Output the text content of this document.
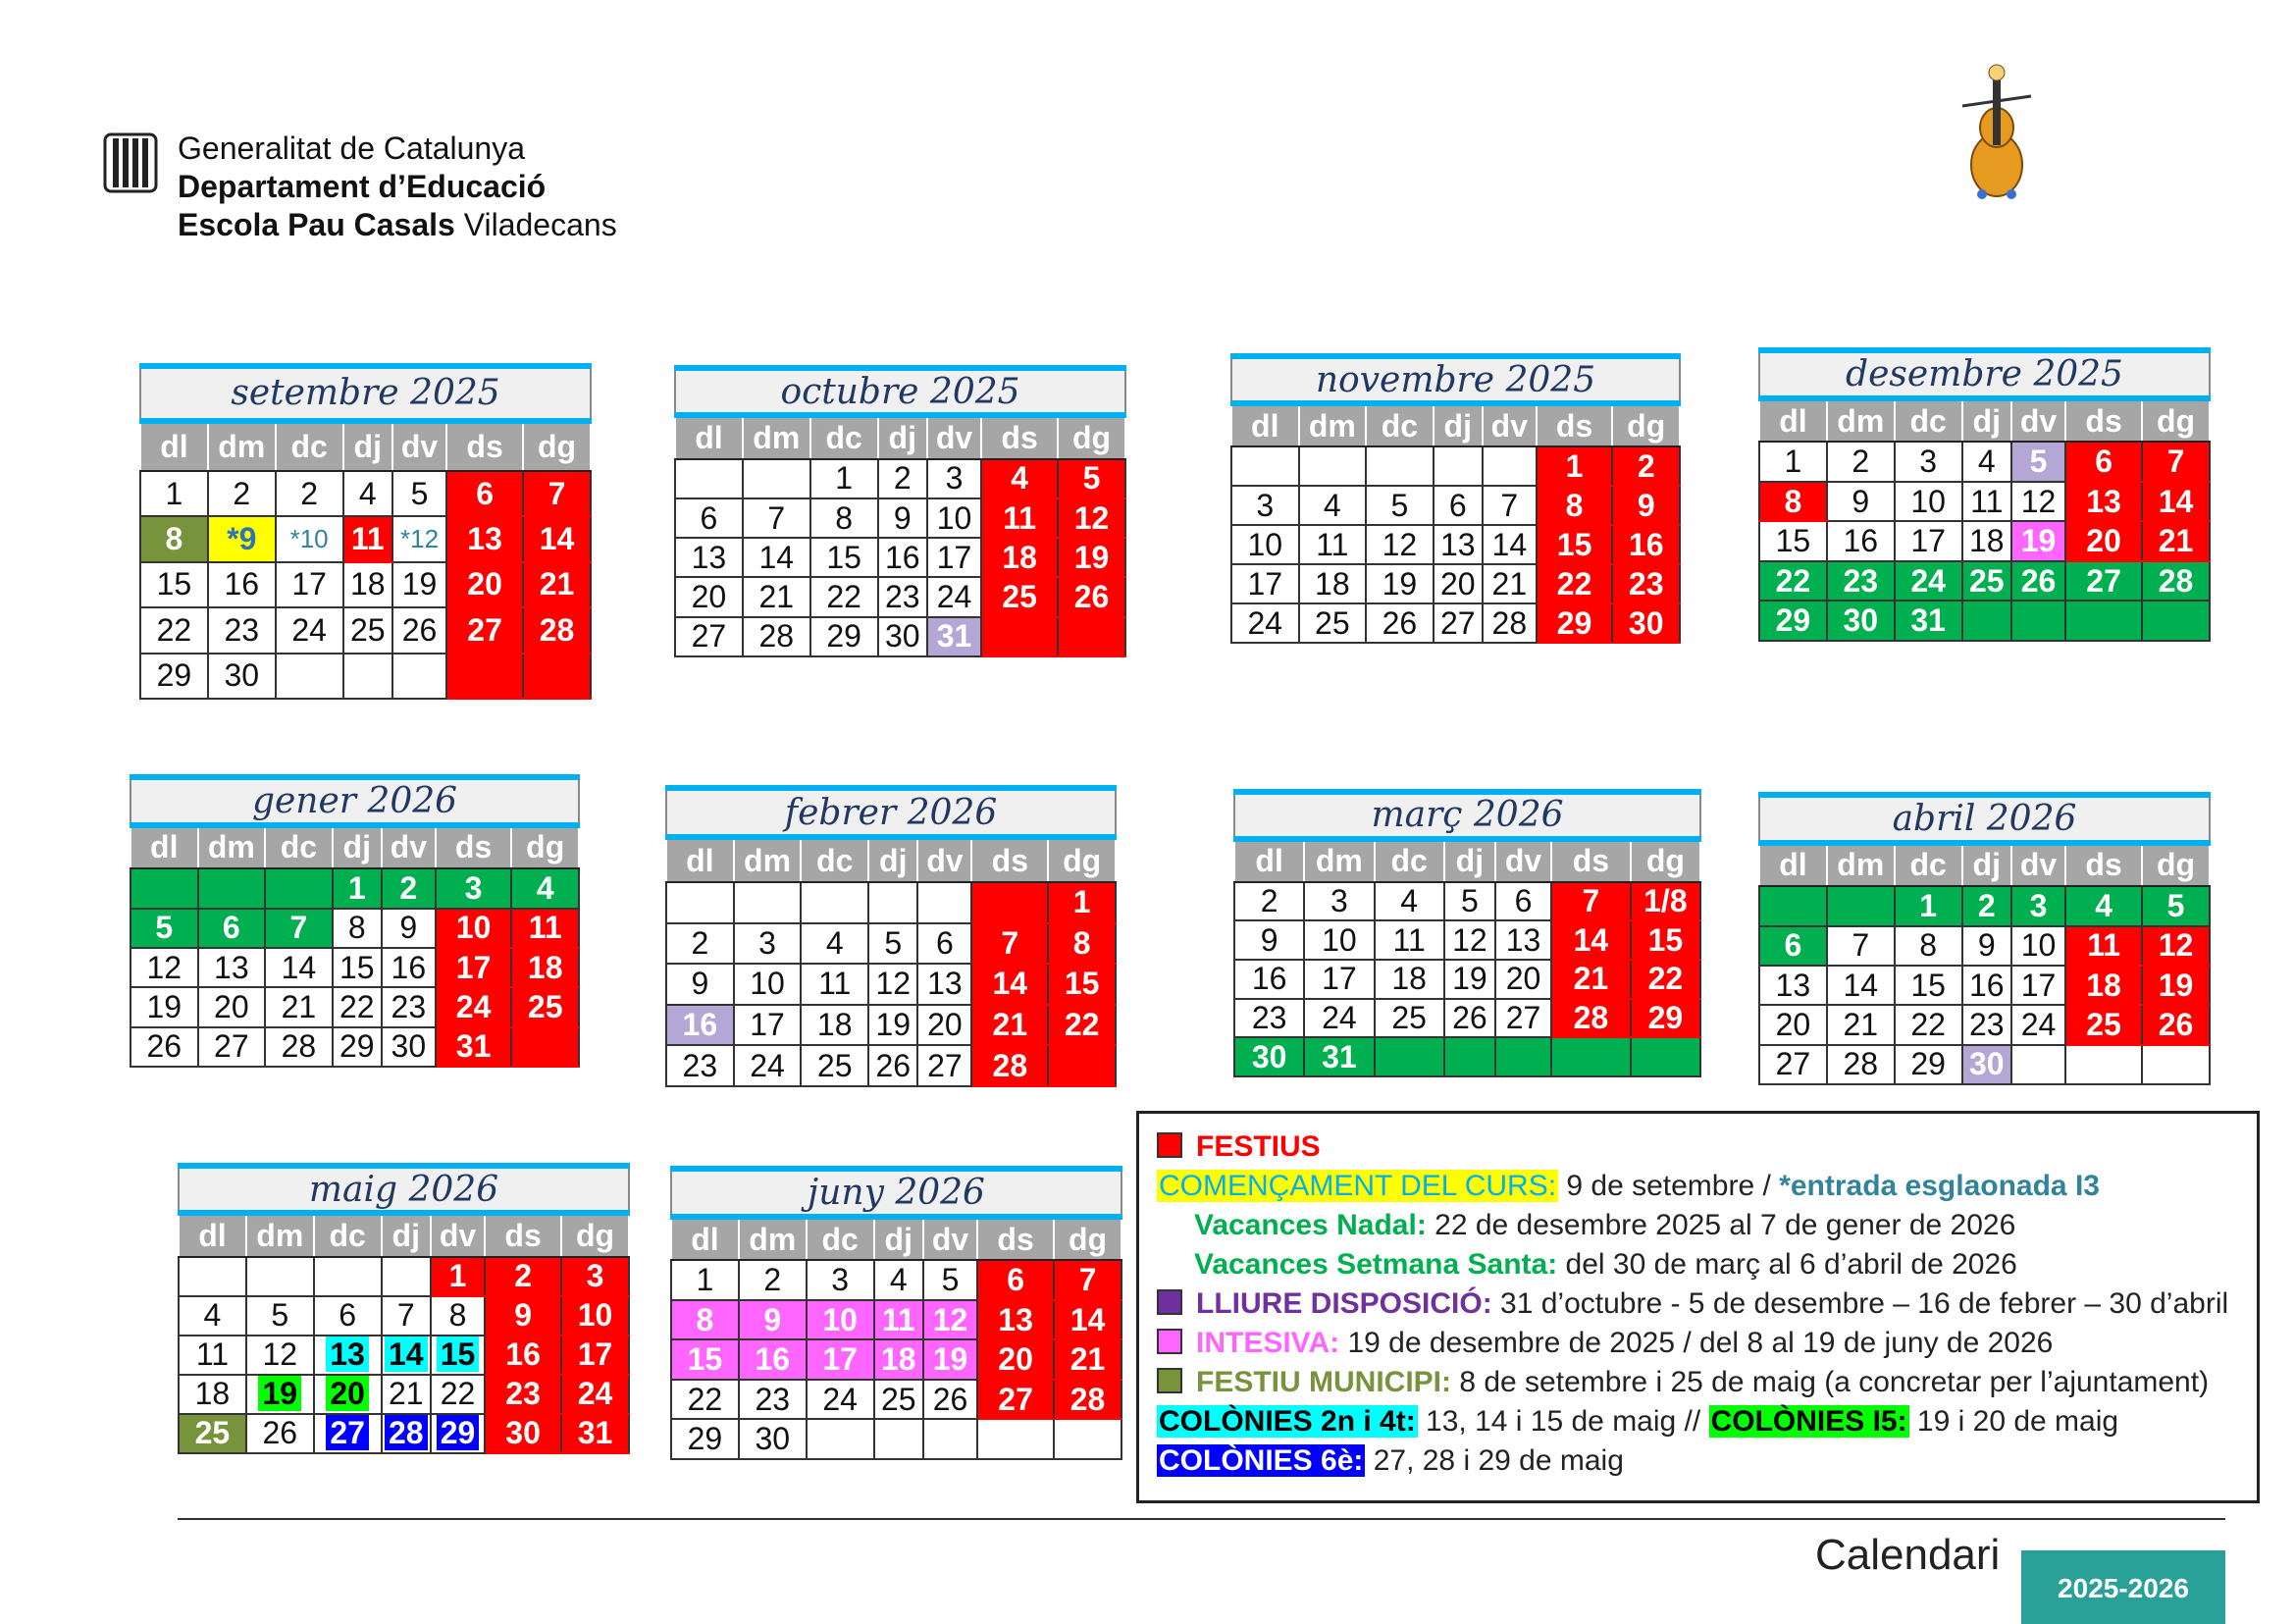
Generalitat de Catalunya
Departament d’Educació
Escola Pau Casals Viladecans
setembre 2025						
dl	dm	dc	dj	dv	ds	dg
1	2	2	4	5	6	7
8	*9	*10	11	*12	13	14
15	16	17	18	19	20	21
22	23	24	25	26	27	28
29	30					
octubre 2025						
dl	dm	dc	dj	dv	ds	dg
		1	2	3	4	5
6	7	8	9	10	11	12
13	14	15	16	17	18	19
20	21	22	23	24	25	26
27	28	29	30	31		
novembre 2025						
dl	dm	dc	dj	dv	ds	dg
					1	2
3	4	5	6	7	8	9
10	11	12	13	14	15	16
17	18	19	20	21	22	23
24	25	26	27	28	29	30
desembre 2025						
dl	dm	dc	dj	dv	ds	dg
1	2	3	4	5	6	7
8	9	10	11	12	13	14
15	16	17	18	19	20	21
22	23	24	25	26	27	28
29	30	31				
gener 2026						
dl	dm	dc	dj	dv	ds	dg
			1	2	3	4
5	6	7	8	9	10	11
12	13	14	15	16	17	18
19	20	21	22	23	24	25
26	27	28	29	30	31	
febrer 2026						
dl	dm	dc	dj	dv	ds	dg
						1
2	3	4	5	6	7	8
9	10	11	12	13	14	15
16	17	18	19	20	21	22
23	24	25	26	27	28	
març 2026						
dl	dm	dc	dj	dv	ds	dg
2	3	4	5	6	7	1/8
9	10	11	12	13	14	15
16	17	18	19	20	21	22
23	24	25	26	27	28	29
30	31					
abril 2026						
dl	dm	dc	dj	dv	ds	dg
		1	2	3	4	5
6	7	8	9	10	11	12
13	14	15	16	17	18	19
20	21	22	23	24	25	26
27	28	29	30			
maig 2026						
dl	dm	dc	dj	dv	ds	dg
				1	2	3
4	5	6	7	8	9	10
11	12	13	14	15	16	17
18	19	20	21	22	23	24
25	26	27	28	29	30	31
juny 2026						
dl	dm	dc	dj	dv	ds	dg
1	2	3	4	5	6	7
8	9	10	11	12	13	14
15	16	17	18	19	20	21
22	23	24	25	26	27	28
29	30					
FESTIUS
COMENÇAMENT DEL CURS: 9 de setembre / *entrada esglaonada I3
Vacances Nadal: 22 de desembre 2025 al 7 de gener de 2026
Vacances Setmana Santa: del 30 de març al 6 d’abril de 2026
LLIURE DISPOSICIÓ: 31 d’octubre - 5 de desembre – 16 de febrer – 30 d’abril
INTESIVA: 19 de desembre de 2025 / del 8 al 19 de juny de 2026
FESTIU MUNICIPI: 8 de setembre i 25 de maig (a concretar per l’ajuntament)
COLÒNIES 2n i 4t: 13, 14 i 15 de maig // COLÒNIES I5: 19 i 20 de maig
COLÒNIES 6è: 27, 28 i 29 de maig
Calendari
2025-2026
